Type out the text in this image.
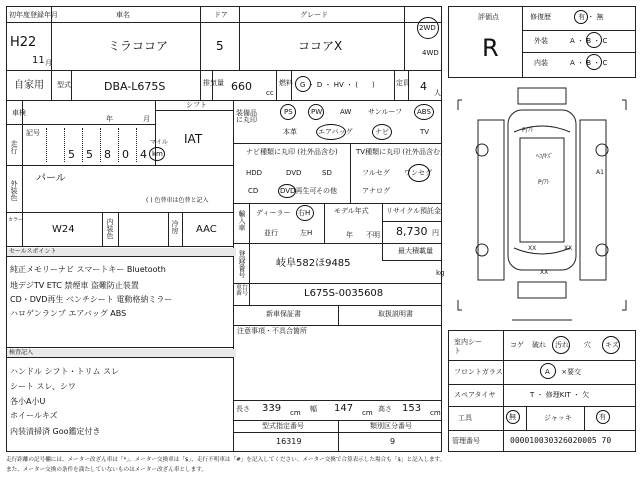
初年度登録年月	車名	ドア	グレード
H22
11 月
ミラココア	5	ココアX
2WD
4WD
自家用 型式	DBA-L675S	排気量 660 cc
燃料 G ・ D ・ HV ・ (　　)	定員 4 人
車検
年	月
シフト
IAT
走行
記号
5 5 8 0 4
マイル
km
外装色
パール
( ) 色替車は色替と記入
カラー
W24	内装色	冷房 AAC
セールスポイント
純正メモリーナビ スマートキー Bluetooth
地デジTV ETC 禁煙車 盗難防止装置
CD・DVD再生 ベンチシート 電動格納ミラー
ハロゲンランプ エアバッグ ABS
検査記入
ハンドル シフト・トリム スレ
シート スレ、シワ
各小A小U
ホイールキズ
内装清掃済 Goo鑑定付き
装備品に丸印
PS	PW	AW サンルーフ ABS
本革	エアバッグ	ナビ	TV
ナビ種類に丸印 (社外品含む)	TV種類に丸印 (社外品含む)
HDD	DVD	SD
CD	DVD再生可 その他
フルセグ ワンセグ
アナログ
輸入車 ディーラー 右H
並行	左H
モデル年式
年 不明
リサイクル預託金
8,730 円
登録番号	最大積載量
岐阜582ほ9485
kg
車台番号	L675S-0035608
新車保証書	取扱説明書
注意事項・不具合箇所
長さ 339 cm 幅 147 cm 高さ 153 cm
型式指定番号	類別区分番号
16319	9
評価点
R
修復歴	有 ・ 無
外装	A ・ B ・ C
内装	A ・ B ・ C
P/ｱﾄ
ﾍｺ/ｷｽﾞ
P/ｱﾄ
A1
XX	XX
XX
室内シート
コゲ 破れ 汚れ 穴 キズ
フロントガラス	A ・ ×要交
スペアタイヤ	T ・ 修理KIT ・ 欠
工具	無	ジャッキ	有
管理番号	000010030326020005 70
走行距離の記号欄には、メーター改ざん車は「*」、メーター交換車は「$」、走行不明車は「#」を記入してください。メーター交換で合算表示した場合も「$」と記入します。
また、メーター交換の条件を満たしていないものはメーター改ざん車とします。
